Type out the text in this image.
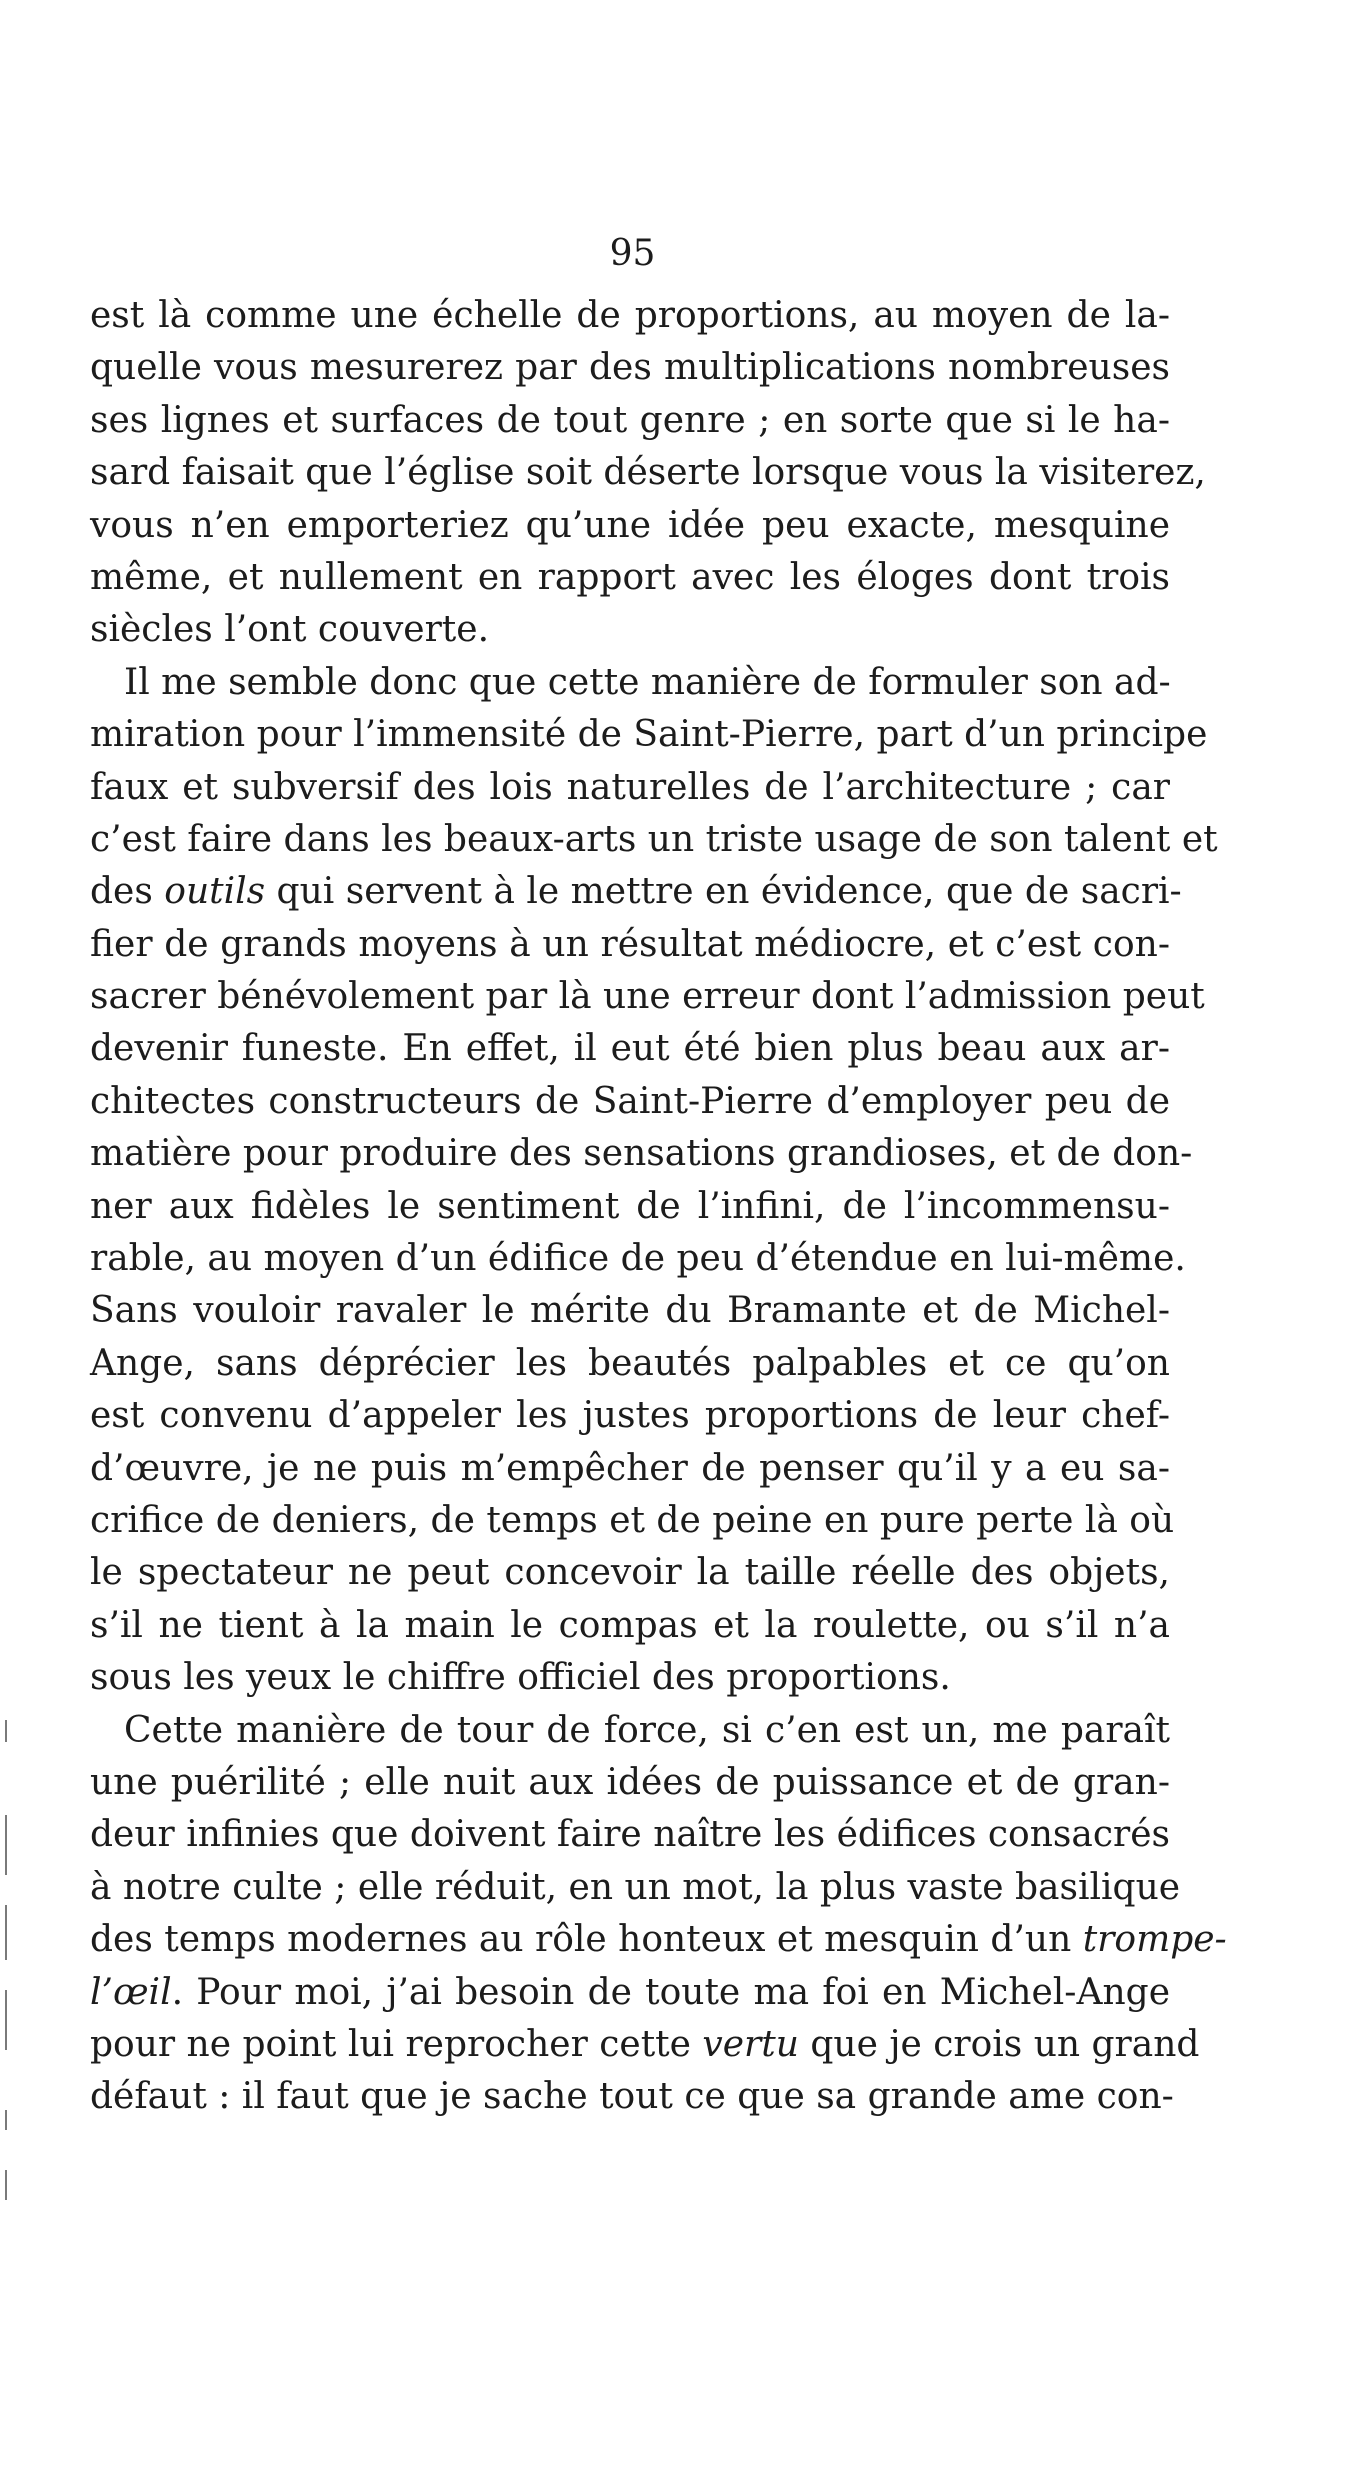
95
est là comme une échelle de proportions, au moyen de la-
quelle vous mesurerez par des multiplications nombreuses
ses lignes et surfaces de tout genre ; en sorte que si le ha-
sard faisait que l’église soit déserte lorsque vous la visiterez,
vous n’en emporteriez qu’une idée peu exacte, mesquine
même, et nullement en rapport avec les éloges dont trois
siècles l’ont couverte.
Il me semble donc que cette manière de formuler son ad-
miration pour l’immensité de Saint-Pierre, part d’un principe
faux et subversif des lois naturelles de l’architecture ; car
c’est faire dans les beaux-arts un triste usage de son talent et
des outils qui servent à le mettre en évidence, que de sacri-
fier de grands moyens à un résultat médiocre, et c’est con-
sacrer bénévolement par là une erreur dont l’admission peut
devenir funeste. En effet, il eut été bien plus beau aux ar-
chitectes constructeurs de Saint-Pierre d’employer peu de
matière pour produire des sensations grandioses, et de don-
ner aux fidèles le sentiment de l’infini, de l’incommensu-
rable, au moyen d’un édifice de peu d’étendue en lui-même.
Sans vouloir ravaler le mérite du Bramante et de Michel-
Ange, sans déprécier les beautés palpables et ce qu’on
est convenu d’appeler les justes proportions de leur chef-
d’œuvre, je ne puis m’empêcher de penser qu’il y a eu sa-
crifice de deniers, de temps et de peine en pure perte là où
le spectateur ne peut concevoir la taille réelle des objets,
s’il ne tient à la main le compas et la roulette, ou s’il n’a
sous les yeux le chiffre officiel des proportions.
Cette manière de tour de force, si c’en est un, me paraît
une puérilité ; elle nuit aux idées de puissance et de gran-
deur infinies que doivent faire naître les édifices consacrés
à notre culte ; elle réduit, en un mot, la plus vaste basilique
des temps modernes au rôle honteux et mesquin d’un trompe-
l’œil. Pour moi, j’ai besoin de toute ma foi en Michel-Ange
pour ne point lui reprocher cette vertu que je crois un grand
défaut : il faut que je sache tout ce que sa grande ame con-
